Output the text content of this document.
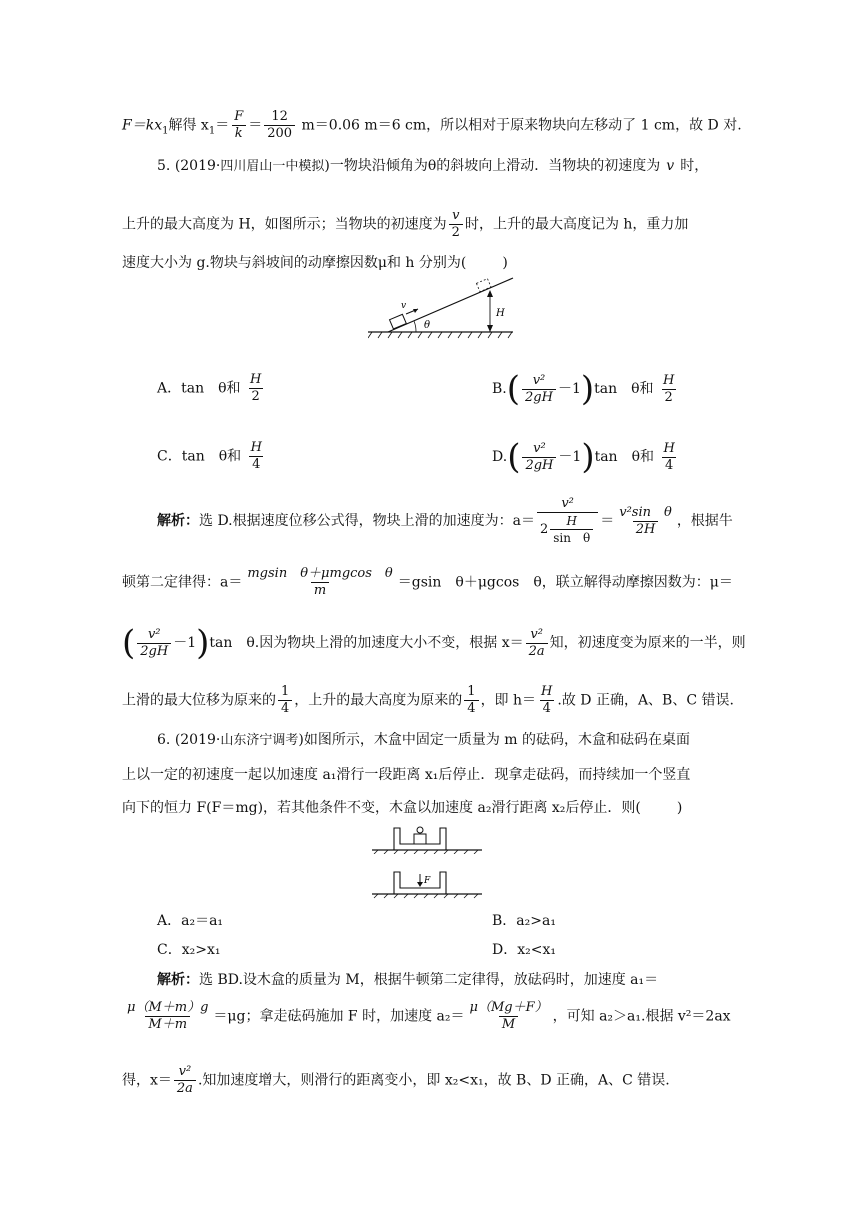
$F=kx_1$解得 $x_1= \frac{F}{k} = \frac{12}{200} m=0.06$ m＝6 cm，所以相对于原来物块向左移动了 1 cm，故 D 对.
5. (2019·四川眉山一中模拟)一物块沿倾角为θ的斜坡向上滑动．当物块的初速度为 v 时，
上升的最大高度为 H，如图所示；当物块的初速度为 $\frac{v}{2}$ 时，上升的最大高度记为 h，重力加
速度大小为 g.物块与斜坡间的动摩擦因数μ和 h 分别为(	)
v
θ
H
A．tan　θ和 $\frac{H}{2}$	B. ( $\frac{\text{v²}}{2gH} -1$ ) tan　θ和 $\frac{H}{2}$
C．tan　θ和 $\frac{H}{4}$	D. ( $\frac{\text{v²}}{2gH} -1$ ) tan　θ和 $\frac{H}{4}$
解析：选 D.根据速度位移公式得，物块上滑的加速度为：$a= \frac{\text{v²}}{2 \frac{H}{\text{sin　θ}}} = \frac{\text{v²sin　θ}}{2H}$ ，根据牛
顿第二定律得：$a= \frac{\text{mgsin　θ＋μmgcos　θ}}{m} =gsin$　θ＋μgcos　θ，联立解得动摩擦因数为：μ＝
( $\frac{\text{v²}}{2gH} -1$ ) tan　θ.因为物块上滑的加速度大小不变，根据 $x= \frac{\text{v²}}{2a}$ 知，初速度变为原来的一半，则
上滑的最大位移为原来的 $\frac{1}{4}$ ，上升的最大高度为原来的 $\frac{1}{4}$ ，即 $h= \frac{H}{4}$ .故 D 正确，A、B、C 错误.
6. (2019·山东济宁调考)如图所示，木盒中固定一质量为 m 的砝码，木盒和砝码在桌面
上以一定的初速度一起以加速度 a₁滑行一段距离 x₁后停止．现拿走砝码，而持续加一个竖直
向下的恒力 F(F＝mg)，若其他条件不变，木盒以加速度 a₂滑行距离 x₂后停止．则(	)
F
A．a₂＝a₁	B．a₂>a₁
C．x₂>x₁	D．x₂<x₁
解析：选 BD.设木盒的质量为 M，根据牛顿第二定律得，放砝码时，加速度 a₁＝
$\frac{\mu(M+m)g}{M+m} =\mu g$；拿走砝码施加 F 时，加速度 $a_2= \frac{\mu(Mg+F)}{M}$ ，可知 a₂＞a₁.根据 v²＝2ax
得，$x= \frac{\text{v²}}{2a}$ .知加速度增大，则滑行的距离变小，即 x₂<x₁，故 B、D 正确，A、C 错误.
